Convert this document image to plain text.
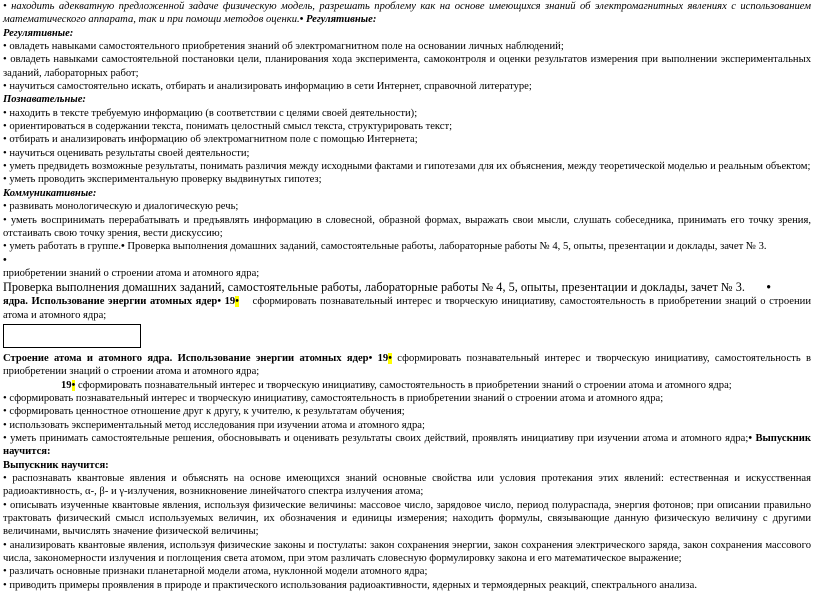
• находить адекватную предложенной задаче физическую модель, разрешать проблему как на основе имеющихся знаний об электромагнитных явлениях с использованием математического аппарата, так и при помощи методов оценки.• Регулятивные:

Регулятивные:

• овладеть навыками самостоятельного приобретения знаний об электромагнитном поле на основании личных наблюдений;

• овладеть навыками самостоятельной постановки цели, планирования хода эксперимента, самоконтроля и оценки результатов измерения при выполнении экспериментальных заданий, лабораторных работ;

• научиться самостоятельно искать, отбирать и анализировать информацию в сети Интернет, справочной литературе;

Познавательные:

• находить в тексте требуемую информацию (в соответствии с целями своей деятельности);

• ориентироваться в содержании текста, понимать целостный смысл текста, структурировать текст;

• отбирать и анализировать информацию об электромагнитном поле с помощью Интернета;

• научиться оценивать результаты своей деятельности;

• уметь предвидеть возможные результаты, понимать различия между исходными фактами и гипотезами для их объяснения, между теоретической моделью и реальным объектом;

• уметь проводить экспериментальную проверку выдвинутых гипотез;

Коммуникативные:

• развивать монологическую и диалогическую речь;

• уметь воспринимать перерабатывать и предъявлять информацию в словесной, образной формах, выражать свои мысли, слушать собеседника, принимать его точку зрения, отстаивать свою точку зрения, вести дискуссию;

• уметь работать в группе.• Проверка выполнения домашних заданий, самостоятельные работы, лабораторные работы № 4, 5, опыты, презентации и доклады, зачет № 3.

•

приобретении знаний о строении атома и атомного ядра;

Проверка выполнения домашних заданий, самостоятельные работы, лабораторные работы № 4, 5, опыты, презентации и доклады, зачет № 3. •

ядра. Использование энергии атомных ядер• 19• сформировать познавательный интерес и творческую инициативу, самостоятельность в приобретении знаций о строении атома и атомного ядра;

Строение атома и атомного ядра. Использование энергии атомных ядер• 19• сформировать познавательный интерес и творческую инициативу, самостоятельность в приобретении знаций о строении атома и атомного ядра;

19• сформировать познавательный интерес и творческую инициативу, самостоятельность в приобретении знаний о строении атома и атомного ядра;

• сформировать познавательный интерес и творческую инициативу, самостоятельность в приобретении знаний о строении атома и атомного ядра;

• сформировать ценностное отношение друг к другу, к учителю, к результатам обучения;

• использовать экспериментальный метод исследования при изучении атома и атомного ядра;

• уметь принимать самостоятельные решения, обосновывать и оценивать результаты своих действий, проявлять инициативу при изучении атома и атомного ядра;• Выпускник научится:

Выпускник научится:

• распознавать квантовые явления и объяснять на основе имеющихся знаний основные свойства или условия протекания этих явлений: естественная и искусственная радиоактивность, α-, β- и γ-излучения, возникновение линейчатого спектра излучения атома;

• описывать изученные квантовые явления, используя физические величины: массовое число, зарядовое число, период полураспада, энергия фотонов; при описании правильно трактовать физический смысл используемых величин, их обозначения и единицы измерения; находить формулы, связывающие данную физическую величину с другими величинами, вычислять значение физической величины;

• анализировать квантовые явления, используя физические законы и постулаты: закон сохранения энергии, закон сохранения электрического заряда, закон сохранения массового числа, закономерности излучения и поглощения света атомом, при этом различать словесную формулировку закона и его математическое выражение;

• различать основные признаки планетарной модели атома, нуклонной модели атомного ядра;

• приводить примеры проявления в природе и практического использования радиоактивности, ядерных и термоядерных реакций, спектрального анализа.
